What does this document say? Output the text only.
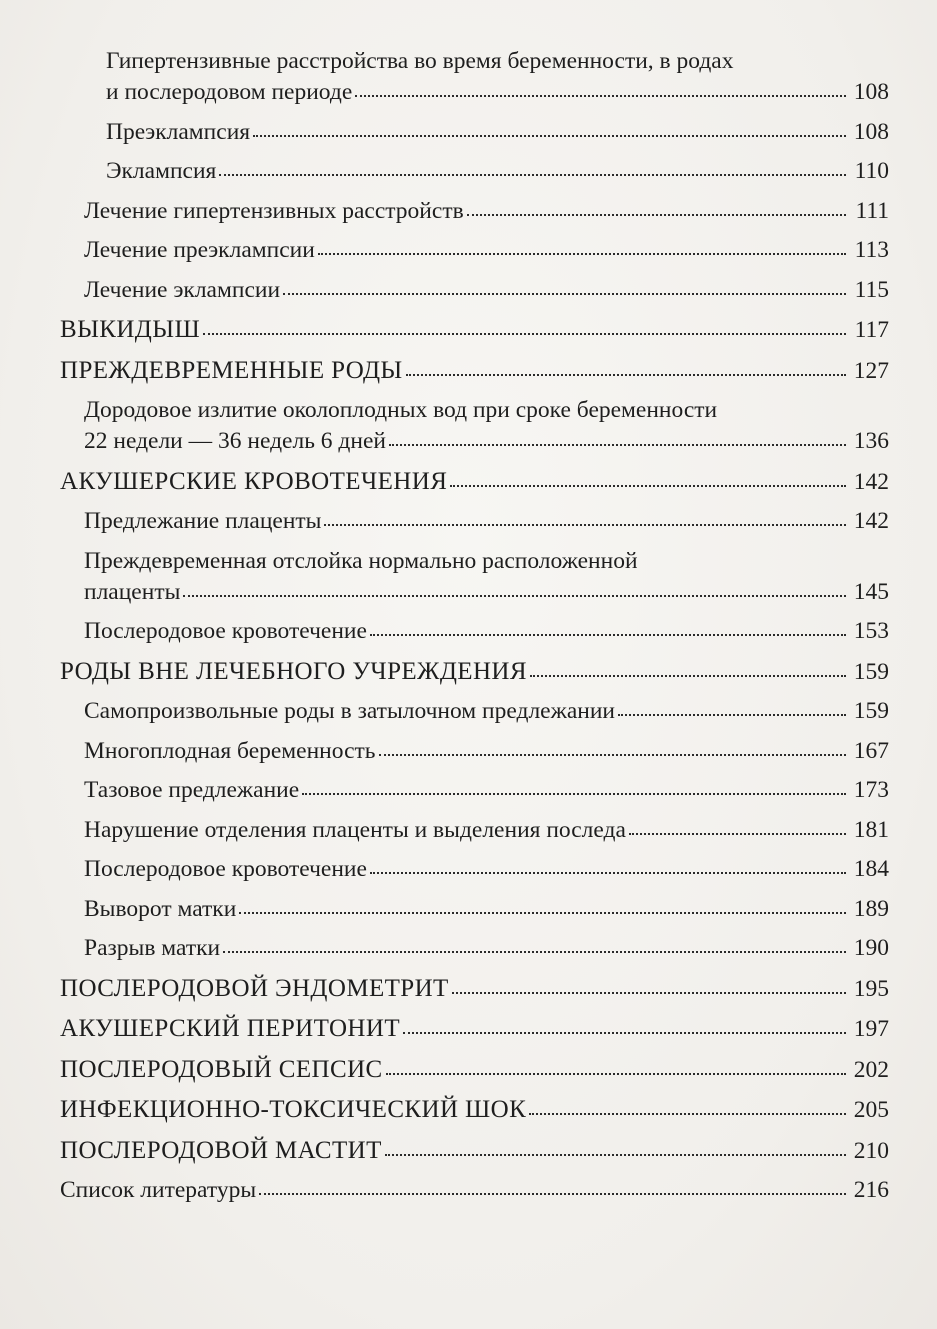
Гипертензивные расстройства во время беременности, в родах
и послеродовом периоде	108
Преэклампсия	108
Эклампсия	110
Лечение гипертензивных расстройств	111
Лечение преэклампсии	113
Лечение эклампсии	115
ВЫКИДЫШ	117
ПРЕЖДЕВРЕМЕННЫЕ РОДЫ	127
Дородовое излитие околоплодных вод при сроке беременности
22 недели — 36 недель 6 дней	136
АКУШЕРСКИЕ КРОВОТЕЧЕНИЯ	142
Предлежание плаценты	142
Преждевременная отслойка нормально расположенной
плаценты	145
Послеродовое кровотечение	153
РОДЫ ВНЕ ЛЕЧЕБНОГО УЧРЕЖДЕНИЯ	159
Самопроизвольные роды в затылочном предлежании	159
Многоплодная беременность	167
Тазовое предлежание	173
Нарушение отделения плаценты и выделения последа	181
Послеродовое кровотечение	184
Выворот матки	189
Разрыв матки	190
ПОСЛЕРОДОВОЙ ЭНДОМЕТРИТ	195
АКУШЕРСКИЙ ПЕРИТОНИТ	197
ПОСЛЕРОДОВЫЙ СЕПСИС	202
ИНФЕКЦИОННО-ТОКСИЧЕСКИЙ ШОК	205
ПОСЛЕРОДОВОЙ МАСТИТ	210
Список литературы	216
